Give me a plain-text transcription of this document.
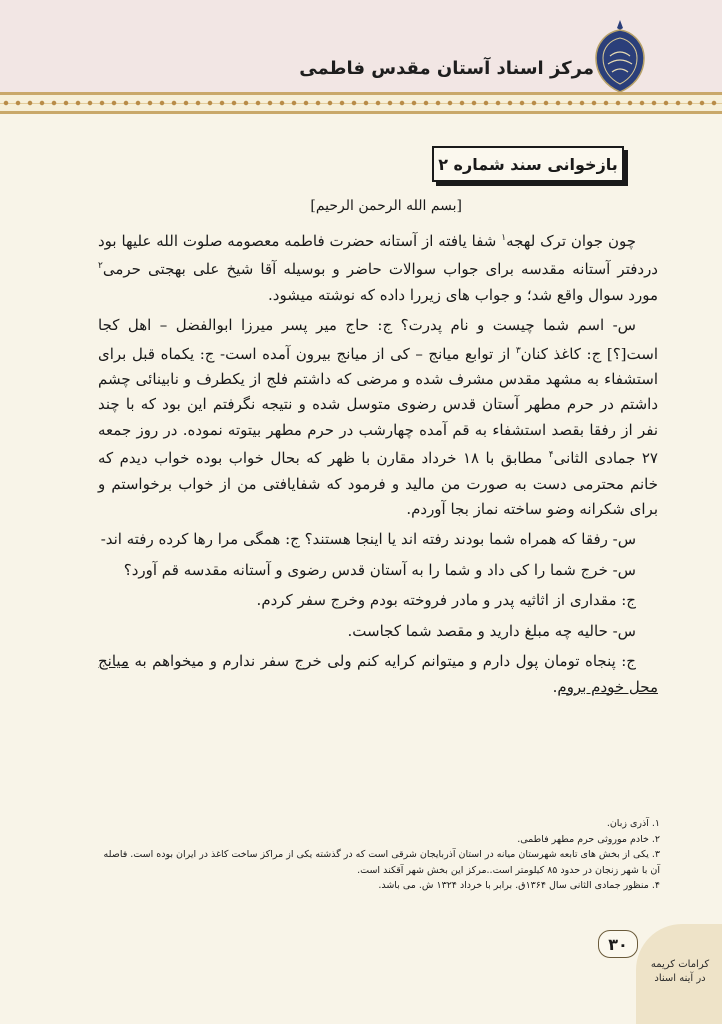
مرکز اسناد آستان مقدس فاطمی
بازخوانی سند شماره ۲
[بسم الله الرحمن الرحیم]

چون جوان ترک لهجه$^۱$ شفا یافته از آستانه حضرت فاطمه معصومه صلوت الله علیها بود دردفتر آستانه مقدسه برای جواب سوالات حاضر و بوسیله آقا شیخ علی بهجتی حرمی$^۲$ مورد سوال واقع شد؛ و جواب های زیررا داده که نوشته میشود.

س- اسم شما چیست و نام پدرت؟ ج: حاج میر پسر میرزا ابوالفضل – اهل کجا است[؟] ج: کاغذ کنان$^۳$ از توابع میانج – کی از میانج بیرون آمده است- ج: یکماه قبل برای استشفاء به مشهد مقدس مشرف شده و مرضی که داشتم فلج از یکطرف و نابینائی چشم داشتم در حرم مطهر آستان قدس رضوی متوسل شده و نتیجه نگرفتم این بود که با چند نفر از رفقا بقصد استشفاء به قم آمده چهارشب در حرم مطهر بیتوته نموده. در روز جمعه ۲۷ جمادی الثانی$^۴$ مطابق با ۱۸ خرداد مقارن با ظهر که بحال خواب بوده خواب دیدم که خانم محترمی دست به صورت من مالید و فرمود که شفایافتی من از خواب برخواستم و برای شکرانه وضو ساخته نماز بجا آوردم.

س- رفقا که همراه شما بودند رفته اند یا اینجا هستند؟ ج: همگی مرا رها کرده رفته اند-

س- خرج شما را کی داد و شما را به آستان قدس رضوی و آستانه مقدسه قم آورد؟

ج: مقداری از اثاثیه پدر و مادر فروخته بودم وخرج سفر کردم.

س- حالیه چه مبلغ دارید و مقصد شما کجاست.

ج: پنجاه تومان پول دارم و میتوانم کرایه کنم ولی خرج سفر ندارم و میخواهم به میانج محل خودم بروم.

۱. آذری زبان.
۲. خادم موروثی حرم مطهر فاطمی.
۳. یکی از بخش های تابعه شهرستان میانه در استان آذربایجان شرقی است که در گذشته یکی از مراکز ساخت کاغذ در ایران بوده است. فاصله آن با شهر زنجان در حدود ۸۵ کیلومتر است..مرکز این بخش شهر آقکند است.
۴. منظور جمادی الثانی سال ۱۳۶۴ق. برابر با خرداد ۱۳۲۴ ش. می باشد.
۳۰
کرامات کریمه
در آینه اسناد
